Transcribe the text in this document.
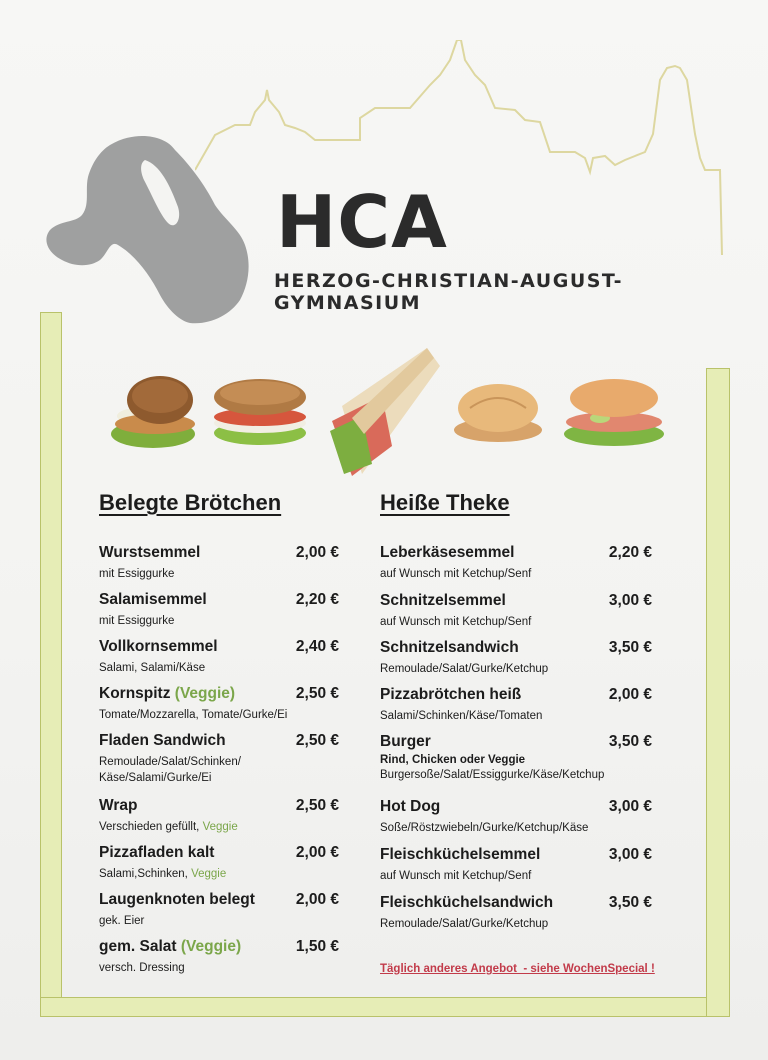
HCA
HERZOG-CHRISTIAN-AUGUST-GYMNASIUM
Belegte Brötchen
Wurstsemmel	2,00 €
mit Essiggurke
Salamisemmel	2,20 €
mit Essiggurke
Vollkornsemmel	2,40 €
Salami, Salami/Käse
Kornspitz (Veggie)	2,50 €
Tomate/Mozzarella, Tomate/Gurke/Ei
Fladen Sandwich	2,50 €
Remoulade/Salat/Schinken/
Käse/Salami/Gurke/Ei
Wrap	2,50 €
Verschieden gefüllt, Veggie
Pizzafladen kalt	2,00 €
Salami,Schinken, Veggie
Laugenknoten belegt	2,00 €
gek. Eier
gem. Salat (Veggie)	1,50 €
versch. Dressing
Heiße Theke
Leberkäsesemmel	2,20 €
auf Wunsch mit Ketchup/Senf
Schnitzelsemmel	3,00 €
auf Wunsch mit Ketchup/Senf
Schnitzelsandwich	3,50 €
Remoulade/Salat/Gurke/Ketchup
Pizzabrötchen heiß	2,00 €
Salami/Schinken/Käse/Tomaten
Burger	3,50 €
Rind, Chicken oder Veggie
Burgersoße/Salat/Essiggurke/Käse/Ketchup
Hot Dog	3,00 €
Soße/Röstzwiebeln/Gurke/Ketchup/Käse
Fleischküchelsemmel	3,00 €
auf Wunsch mit Ketchup/Senf
Fleischküchelsandwich	3,50 €
Remoulade/Salat/Gurke/Ketchup
Täglich anderes Angebot  - siehe WochenSpecial !
